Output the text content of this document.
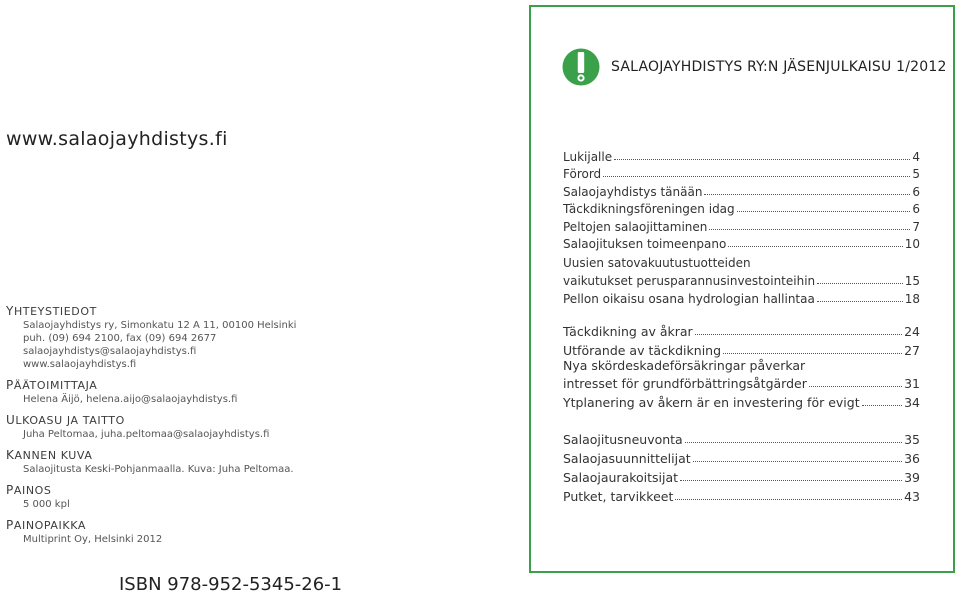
www.salaojayhdistys.fi
YHTEYSTIEDOT
Salaojayhdistys ry, Simonkatu 12 A 11, 00100 Helsinki
puh. (09) 694 2100, fax (09) 694 2677
salaojayhdistys@salaojayhdistys.fi
www.salaojayhdistys.fi
PÄÄTOIMITTAJA
Helena Äijö, helena.aijo@salaojayhdistys.fi
ULKOASU JA TAITTO
Juha Peltomaa, juha.peltomaa@salaojayhdistys.fi
KANNEN KUVA
Salaojitusta Keski-Pohjanmaalla. Kuva: Juha Peltomaa.
PAINOS
5 000 kpl
PAINOPAIKKA
Multiprint Oy, Helsinki 2012
ISBN 978-952-5345-26-1
SALAOJAYHDISTYS RY:N JÄSENJULKAISU 1/2012
Lukijalle	4
Förord	5
Salaojayhdistys tänään	6
Täckdikningsföreningen idag	6
Peltojen salaojittaminen	7
Salaojituksen toimeenpano	10
Uusien satovakuutustuotteiden
vaikutukset perusparannusinvestointeihin	15
Pellon oikaisu osana hydrologian hallintaa	18
Täckdikning av åkrar	24
Utförande av täckdikning	27
Nya skördeskadeförsäkringar påverkar
intresset för grundförbättringsåtgärder	31
Ytplanering av åkern är en investering för evigt	34
Salaojitusneuvonta	35
Salaojasuunnittelijat	36
Salaojaurakoitsijat	39
Putket, tarvikkeet	43
